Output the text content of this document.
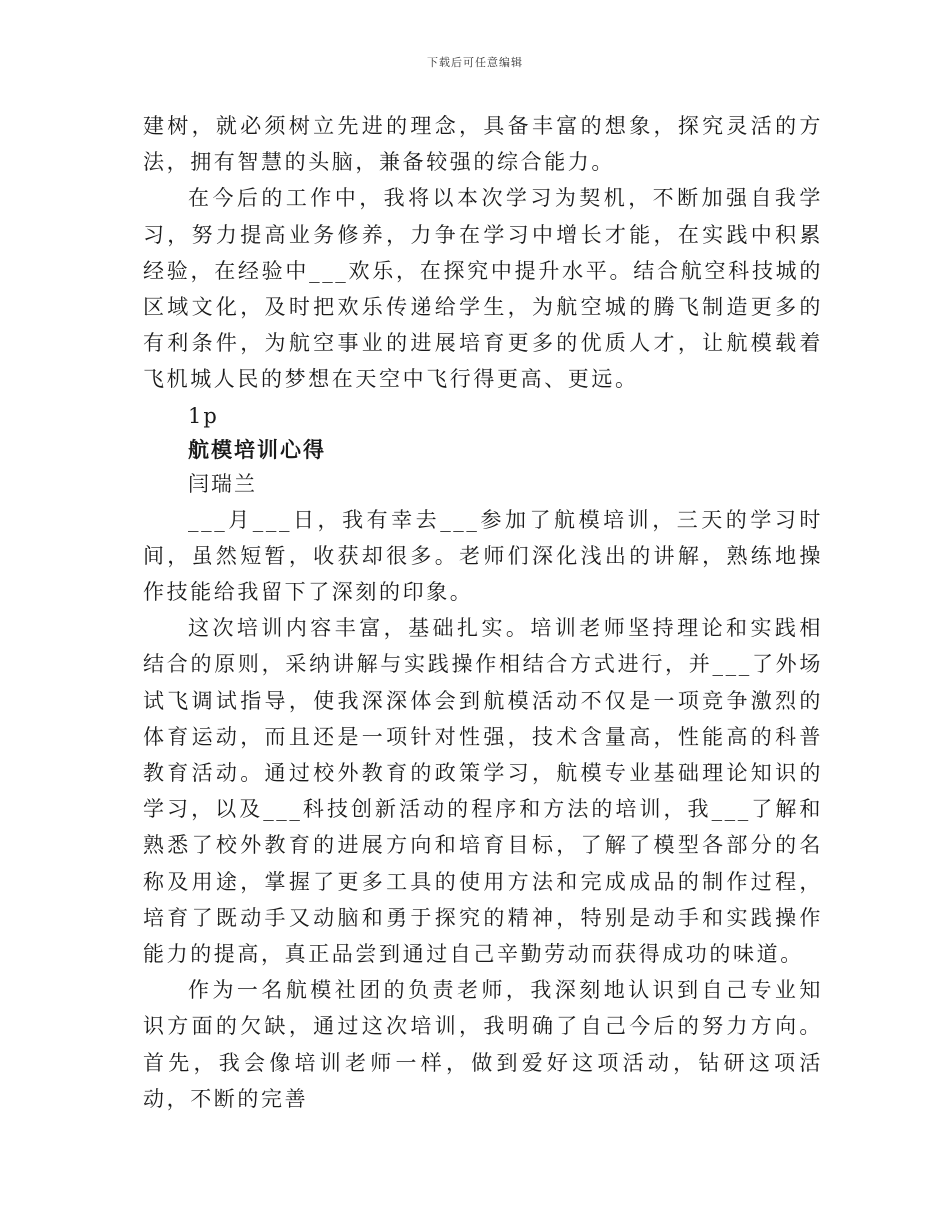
下载后可任意编辑

建树，就必须树立先进的理念，具备丰富的想象，探究灵活的方法，拥有智慧的头脑，兼备较强的综合能力。

在今后的工作中，我将以本次学习为契机，不断加强自我学习，努力提高业务修养，力争在学习中增长才能，在实践中积累经验，在经验中___欢乐，在探究中提升水平。结合航空科技城的区域文化，及时把欢乐传递给学生，为航空城的腾飞制造更多的有利条件，为航空事业的进展培育更多的优质人才，让航模载着飞机城人民的梦想在天空中飞行得更高、更远。

1p

航模培训心得

闫瑞兰

___月___日，我有幸去___参加了航模培训，三天的学习时间，虽然短暂，收获却很多。老师们深化浅出的讲解，熟练地操作技能给我留下了深刻的印象。

这次培训内容丰富，基础扎实。培训老师坚持理论和实践相结合的原则，采纳讲解与实践操作相结合方式进行，并___了外场试飞调试指导，使我深深体会到航模活动不仅是一项竞争激烈的体育运动，而且还是一项针对性强，技术含量高，性能高的科普教育活动。通过校外教育的政策学习，航模专业基础理论知识的学习，以及___科技创新活动的程序和方法的培训，我___了解和熟悉了校外教育的进展方向和培育目标，了解了模型各部分的名称及用途，掌握了更多工具的使用方法和完成成品的制作过程，培育了既动手又动脑和勇于探究的精神，特别是动手和实践操作能力的提高，真正品尝到通过自己辛勤劳动而获得成功的味道。

作为一名航模社团的负责老师，我深刻地认识到自己专业知识方面的欠缺，通过这次培训，我明确了自己今后的努力方向。首先，我会像培训老师一样，做到爱好这项活动，钻研这项活动，不断的完善
